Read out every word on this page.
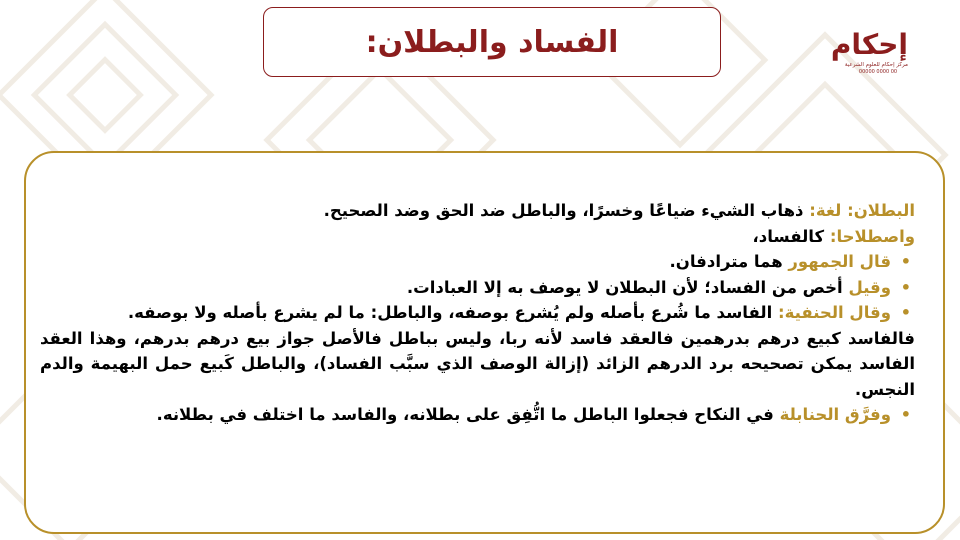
إحكام
مركز إحكام للعلوم الشرعية
00000 0000 00
الفساد والبطلان:

البطلان: لغة: ذهاب الشيء ضياعًا وخسرًا، والباطل ضد الحق وضد الصحيح.

واصطلاحا: كالفساد،

•
قال الجمهور هما مترادفان.

•
وقيل أخص من الفساد؛ لأن البطلان لا يوصف به إلا العبادات.

•
وقال الحنفية: الفاسد ما شُرع بأصله ولم يُشرع بوصفه، والباطل: ما لم يشرع بأصله ولا بوصفه.

فالفاسد كبيع درهم بدرهمين فالعقد فاسد لأنه ربا، وليس بباطل فالأصل جواز بيع درهم بدرهم، وهذا العقد الفاسد يمكن تصحيحه برد الدرهم الزائد (إزالة الوصف الذي سبَّب الفساد)، والباطل كَبيع حمل البهيمة والدم النجس.

•
وفرَّق الحنابلة في النكاح فجعلوا الباطل ما اتُّفِق على بطلانه، والفاسد ما اختلف في بطلانه.
